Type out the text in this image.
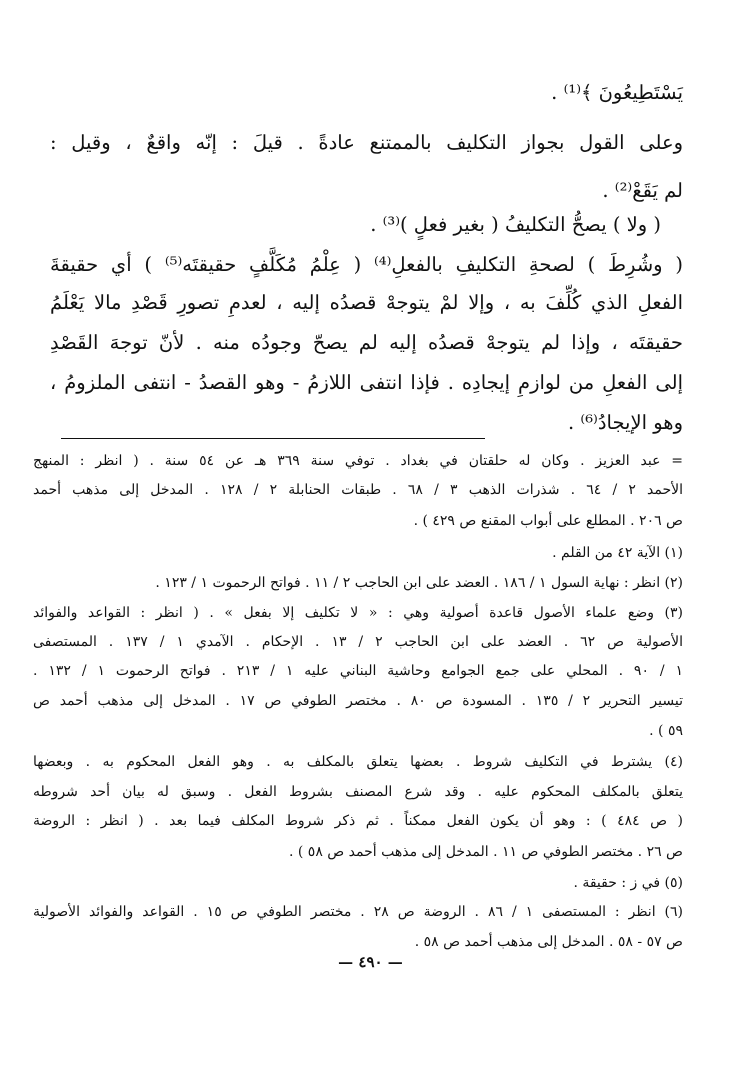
يَسْتَطِيعُونَ ﴾⁽¹⁾ .
وعلى القول بجواز التكليف بالممتنع عادةً . قيلَ : إنّه واقعٌ ، وقيل :
لم يَقَعْ⁽²⁾ .
( ولا ) يصحُّ التكليفُ ( بغير فعلٍ )⁽³⁾ .
( وشُرِطَ ) لصحةِ التكليفِ بالفعلِ⁽⁴⁾ ( عِلْمُ مُكَلَّفٍ حقيقتَه⁽⁵⁾ ) أي حقيقةَ
الفعلِ الذي كُلِّفَ به ، وإلا لمْ يتوجهْ قصدُه إليه ، لعدمِ تصورِ قَصْدِ مالا يَعْلَمُ
حقيقتَه ، وإذا لم يتوجهْ قصدُه إليه لم يصحّ وجودُه منه . لأنّ توجهَ القَصْدِ
إلى الفعلِ من لوازمِ إيجادِه . فإذا انتفى اللازمُ - وهو القصدُ - انتفى الملزومُ ،
وهو الإيجادُ⁽⁶⁾ .
= عبد العزيز . وكان له حلقتان في بغداد . توفي سنة ٣٦٩ هـ عن ٥٤ سنة . ( انظر : المنهج
الأحمد ٢ / ٦٤ . شذرات الذهب ٣ / ٦٨ . طبقات الحنابلة ٢ / ١٢٨ . المدخل إلى مذهب أحمد
ص ٢٠٦ . المطلع على أبواب المقنع ص ٤٢٩ ) .
(١) الآية ٤٢ من القلم .
(٢) انظر : نهاية السول ١ / ١٨٦ . العضد على ابن الحاجب ٢ / ١١ . فواتح الرحموت ١ / ١٢٣ .
(٣) وضع علماء الأصول قاعدة أصولية وهي : « لا تكليف إلا بفعل » . ( انظر : القواعد والفوائد
الأصولية ص ٦٢ . العضد على ابن الحاجب ٢ / ١٣ . الإحكام . الآمدي ١ / ١٣٧ . المستصفى
١ / ٩٠ . المحلي على جمع الجوامع وحاشية البناني عليه ١ / ٢١٣ . فواتح الرحموت ١ / ١٣٢ .
تيسير التحرير ٢ / ١٣٥ . المسودة ص ٨٠ . مختصر الطوفي ص ١٧ . المدخل إلى مذهب أحمد ص
٥٩ ) .
(٤) يشترط في التكليف شروط . بعضها يتعلق بالمكلف به . وهو الفعل المحكوم به . وبعضها
يتعلق بالمكلف المحكوم عليه . وقد شرع المصنف بشروط الفعل . وسبق له بيان أحد شروطه
( ص ٤٨٤ ) : وهو أن يكون الفعل ممكناً . ثم ذكر شروط المكلف فيما بعد . ( انظر : الروضة
ص ٢٦ . مختصر الطوفي ص ١١ . المدخل إلى مذهب أحمد ص ٥٨ ) .
(٥) في ز : حقيقة .
(٦) انظر : المستصفى ١ / ٨٦ . الروضة ص ٢٨ . مختصر الطوفي ص ١٥ . القواعد والفوائد الأصولية
ص ٥٧ - ٥٨ . المدخل إلى مذهب أحمد ص ٥٨ .
— ٤٩٠ —
